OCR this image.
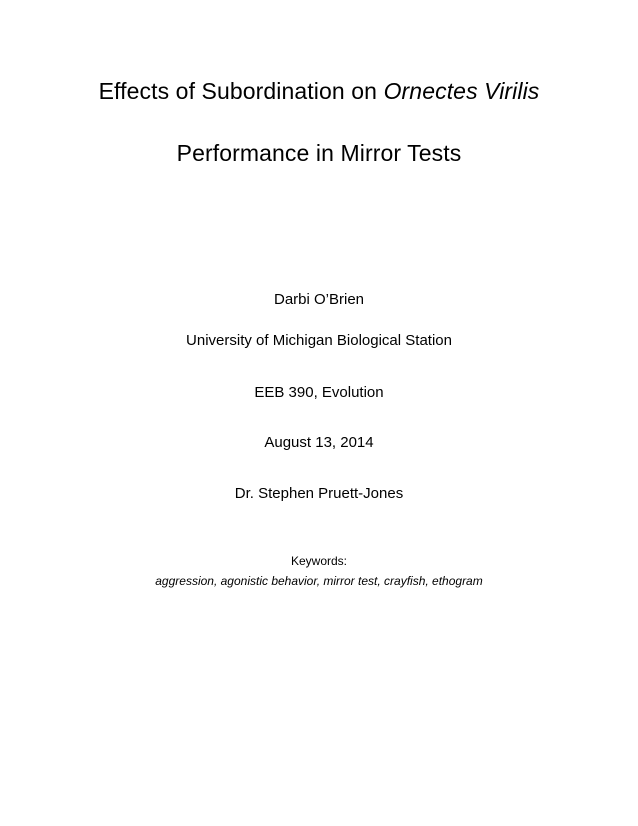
Effects of Subordination on Ornectes Virilis
Performance in Mirror Tests
Darbi O’Brien
University of Michigan Biological Station
EEB 390, Evolution
August 13, 2014
Dr. Stephen Pruett-Jones
Keywords:
aggression, agonistic behavior, mirror test, crayfish, ethogram
